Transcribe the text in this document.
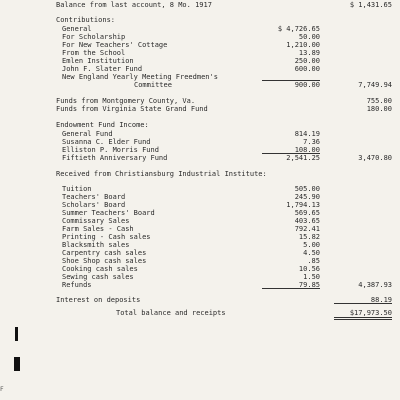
Balance from last account, 8 Mo. 1917	$ 1,431.65
Contributions:
General	$ 4,726.65
For Scholarship	50.00
For New Teachers' Cottage	1,210.00
From the School	13.89
Emlen Institution	250.00
John F. Slater Fund	600.00
New England Yearly Meeting Freedmen's
Committee	900.00	7,749.94
Funds from Montgomery County, Va.	755.00
Funds from Virginia State Grand Fund	180.00
Endowment Fund Income:
General Fund	814.19
Susanna C. Elder Fund	7.36
Elliston P. Morris Fund	108.00
Fiftieth Anniversary Fund	2,541.25	3,470.80
Received from Christiansburg Industrial Institute:
Tuition	505.00
Teachers' Board	245.90
Scholars' Board	1,794.13
Summer Teachers' Board	569.65
Commissary Sales	403.65
Farm Sales - Cash	792.41
Printing - Cash sales	15.82
Blacksmith sales	5.00
Carpentry cash sales	4.50
Shoe Shop cash sales	.85
Cooking cash sales	10.56
Sewing cash sales	1.50
Refunds	79.85	4,387.93
Interest on deposits	88.19
Total balance and receipts	$17,973.50
F
